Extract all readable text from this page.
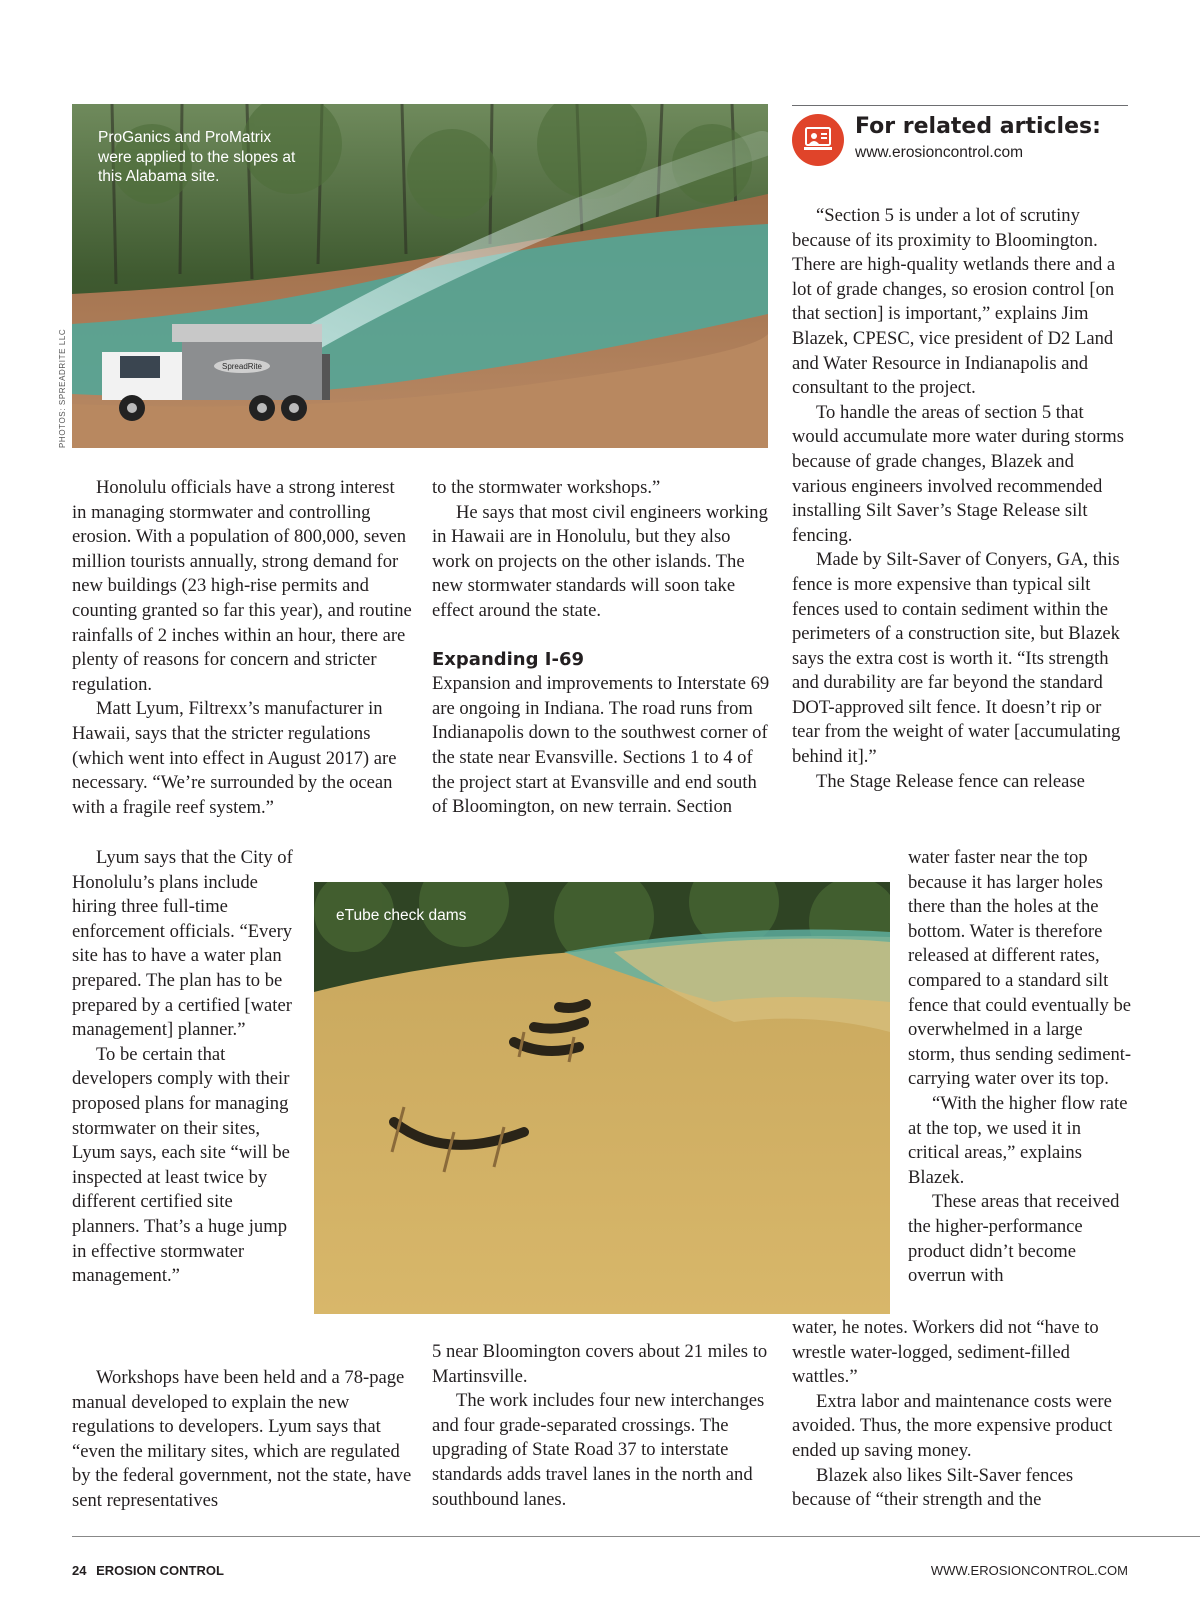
SpreadRite
ProGanics and ProMatrix were applied to the slopes at this Alabama site.
PHOTOS: SPREADRITE LLC
For related articles:
www.erosioncontrol.com

Honolulu officials have a strong interest in managing stormwater and controlling erosion. With a population of 800,000, seven million tourists annually, strong demand for new buildings (23 high-rise permits and counting granted so far this year), and routine rainfalls of 2 inches within an hour, there are plenty of reasons for concern and stricter regulation.

Matt Lyum, Filtrexx’s manufacturer in Hawaii, says that the stricter regulations (which went into effect in August 2017) are necessary. “We’re surrounded by the ocean with a fragile reef system.”

Lyum says that the City of Honolulu’s plans include hiring three full-time enforcement officials. “Every site has to have a water plan prepared. The plan has to be prepared by a certified [water management] planner.”

To be certain that developers comply with their proposed plans for managing stormwater on their sites, Lyum says, each site “will be inspected at least twice by different certified site planners. That’s a huge jump in effective stormwater management.”

Workshops have been held and a 78-page manual developed to explain the new regulations to developers. Lyum says that “even the military sites, which are regulated by the federal government, not the state, have sent representatives

to the stormwater workshops.”

He says that most civil engineers working in Hawaii are in Honolulu, but they also work on projects on the other islands. The new stormwater standards will soon take effect around the state.

Expanding I-69

Expansion and improvements to Interstate 69 are ongoing in Indiana. The road runs from Indianapolis down to the southwest corner of the state near Evansville. Sections 1 to 4 of the project start at Evansville and end south of Bloomington, on new terrain. Section

5 near Bloomington covers about 21 miles to Martinsville.

The work includes four new interchanges and four grade-separated crossings. The upgrading of State Road 37 to interstate standards adds travel lanes in the north and southbound lanes.

eTube check dams

“Section 5 is under a lot of scrutiny because of its proximity to Bloomington. There are high-quality wetlands there and a lot of grade changes, so erosion control [on that section] is important,” explains Jim Blazek, CPESC, vice president of D2 Land and Water Resource in Indianapolis and consultant to the project.

To handle the areas of section 5 that would accumulate more water during storms because of grade changes, Blazek and various engineers involved recommended installing Silt Saver’s Stage Release silt fencing.

Made by Silt-Saver of Conyers, GA, this fence is more expensive than typical silt fences used to contain sediment within the perimeters of a construction site, but Blazek says the extra cost is worth it. “Its strength and durability are far beyond the standard DOT-approved silt fence. It doesn’t rip or tear from the weight of water [accumulating behind it].”

The Stage Release fence can release

water faster near the top because it has larger holes there than the holes at the bottom. Water is therefore released at different rates, compared to a standard silt fence that could eventually be overwhelmed in a large storm, thus sending sediment-carrying water over its top.

“With the higher flow rate at the top, we used it in critical areas,” explains Blazek.

These areas that received the higher-performance product didn’t become overrun with

water, he notes. Workers did not “have to wrestle water-logged, sediment-filled wattles.”

Extra labor and maintenance costs were avoided. Thus, the more expensive product ended up saving money.

Blazek also likes Silt-Saver fences because of “their strength and the

24 EROSION CONTROL	WWW.EROSIONCONTROL.COM
